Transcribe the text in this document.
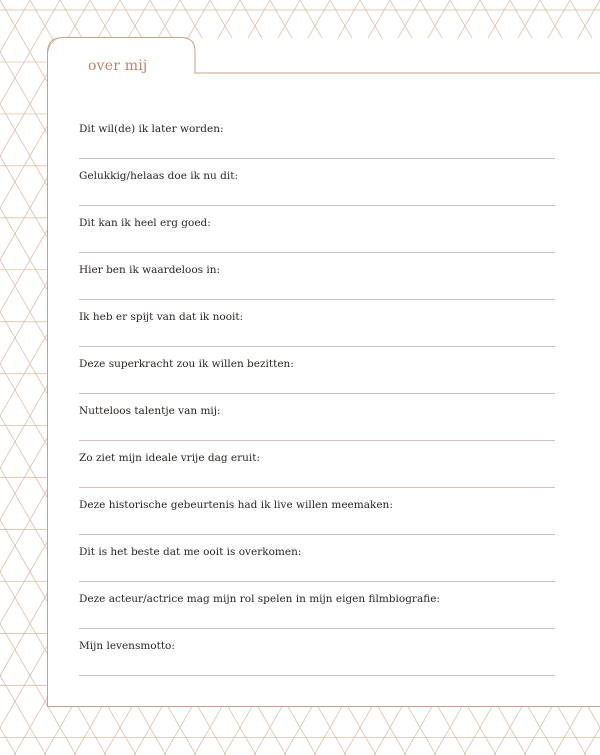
over mij
Dit wil(de) ik later worden:
Gelukkig/helaas doe ik nu dit:
Dit kan ik heel erg goed:
Hier ben ik waardeloos in:
Ik heb er spijt van dat ik nooit:
Deze superkracht zou ik willen bezitten:
Nutteloos talentje van mij:
Zo ziet mijn ideale vrije dag eruit:
Deze historische gebeurtenis had ik live willen meemaken:
Dit is het beste dat me ooit is overkomen:
Deze acteur/actrice mag mijn rol spelen in mijn eigen filmbiografie:
Mijn levensmotto:
